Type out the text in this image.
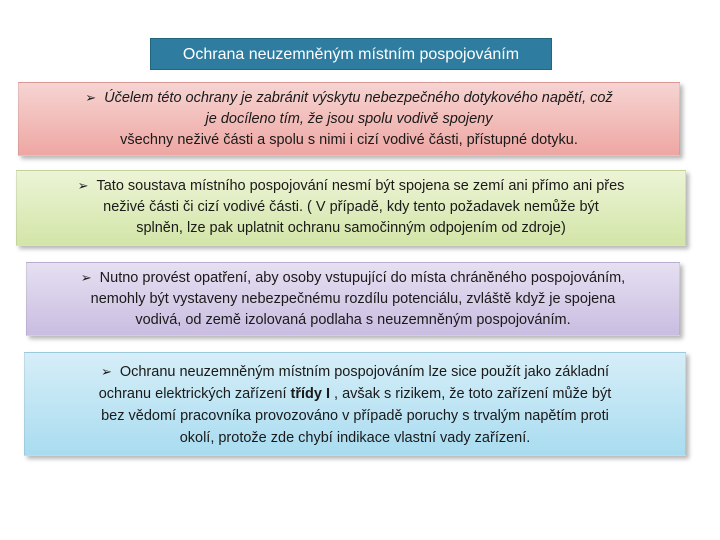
Ochrana neuzemněným místním pospojováním
➢ Účelem této ochrany je zabránit výskytu nebezpečného dotykového napětí, což
je docíleno tím, že jsou spolu vodivě spojeny
všechny neživé části a spolu s nimi i cizí vodivé části, přístupné dotyku.
➢ Tato soustava místního pospojování nesmí být spojena se zemí ani přímo ani přes
neživé části či cizí vodivé části. ( V případě, kdy tento požadavek nemůže být
splněn, lze pak uplatnit ochranu samočinným odpojením od zdroje)
➢ Nutno provést opatření, aby osoby vstupující do místa chráněného pospojováním,
nemohly být vystaveny nebezpečnému rozdílu potenciálu, zvláště když je spojena
vodivá, od země izolovaná podlaha s neuzemněným pospojováním.
➢ Ochranu neuzemněným místním pospojováním lze sice použít jako základní
ochranu elektrických zařízení třídy I , avšak s rizikem, že toto zařízení může být
bez vědomí pracovníka provozováno v případě poruchy s trvalým napětím proti
okolí, protože zde chybí indikace vlastní vady zařízení.
